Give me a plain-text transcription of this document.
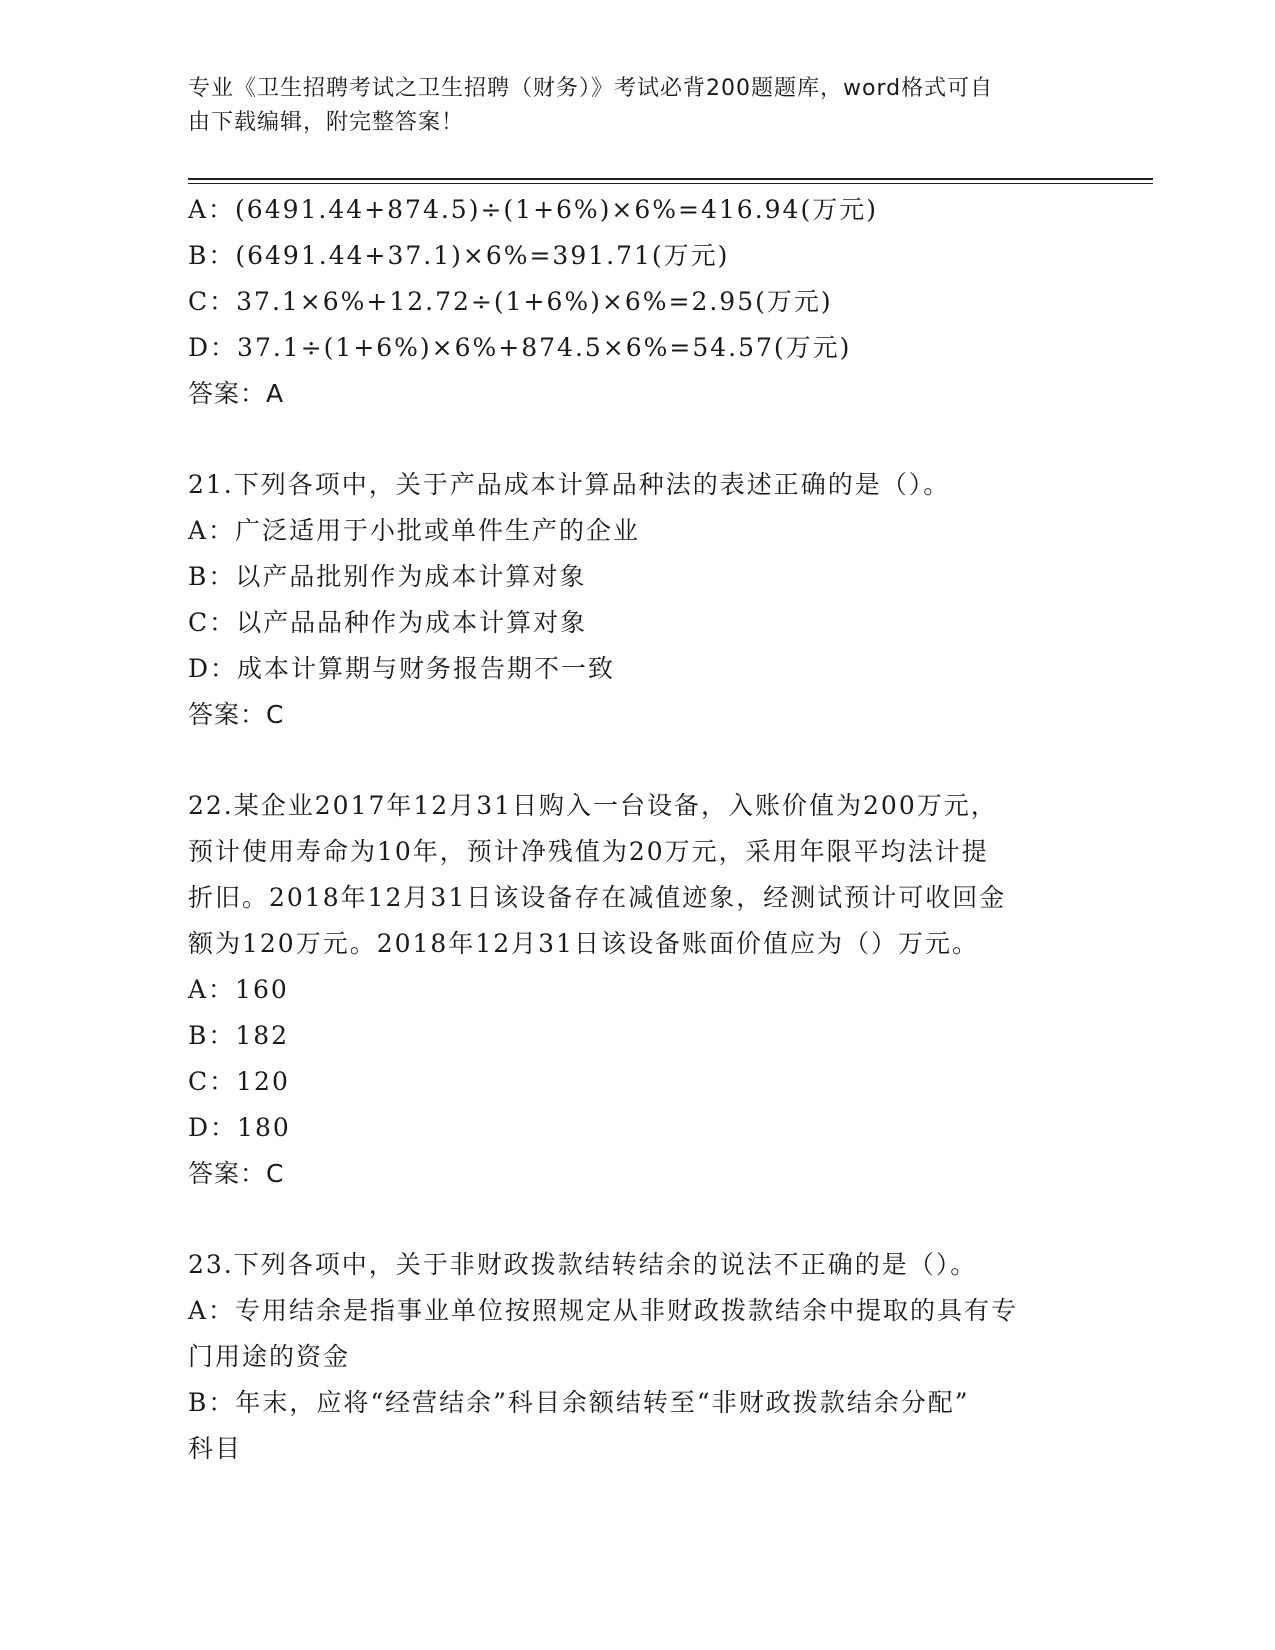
专业《卫生招聘考试之卫生招聘（财务）》考试必背200题题库，word格式可自
由下载编辑，附完整答案！
A：(6491.44+874.5)÷(1+6%)×6%=416.94(万元)
B：(6491.44+37.1)×6%=391.71(万元)
C：37.1×6%+12.72÷(1+6%)×6%=2.95(万元)
D：37.1÷(1+6%)×6%+874.5×6%=54.57(万元)
答案：A
21.下列各项中，关于产品成本计算品种法的表述正确的是（）。
A：广泛适用于小批或单件生产的企业
B：以产品批别作为成本计算对象
C：以产品品种作为成本计算对象
D：成本计算期与财务报告期不一致
答案：C
22.某企业2017年12月31日购入一台设备，入账价值为200万元，
预计使用寿命为10年，预计净残值为20万元，采用年限平均法计提
折旧。2018年12月31日该设备存在减值迹象，经测试预计可收回金
额为120万元。2018年12月31日该设备账面价值应为（）万元。
A：160
B：182
C：120
D：180
答案：C
23.下列各项中，关于非财政拨款结转结余的说法不正确的是（）。
A：专用结余是指事业单位按照规定从非财政拨款结余中提取的具有专
门用途的资金
B：年末，应将“经营结余”科目余额结转至“非财政拨款结余分配”
科目
